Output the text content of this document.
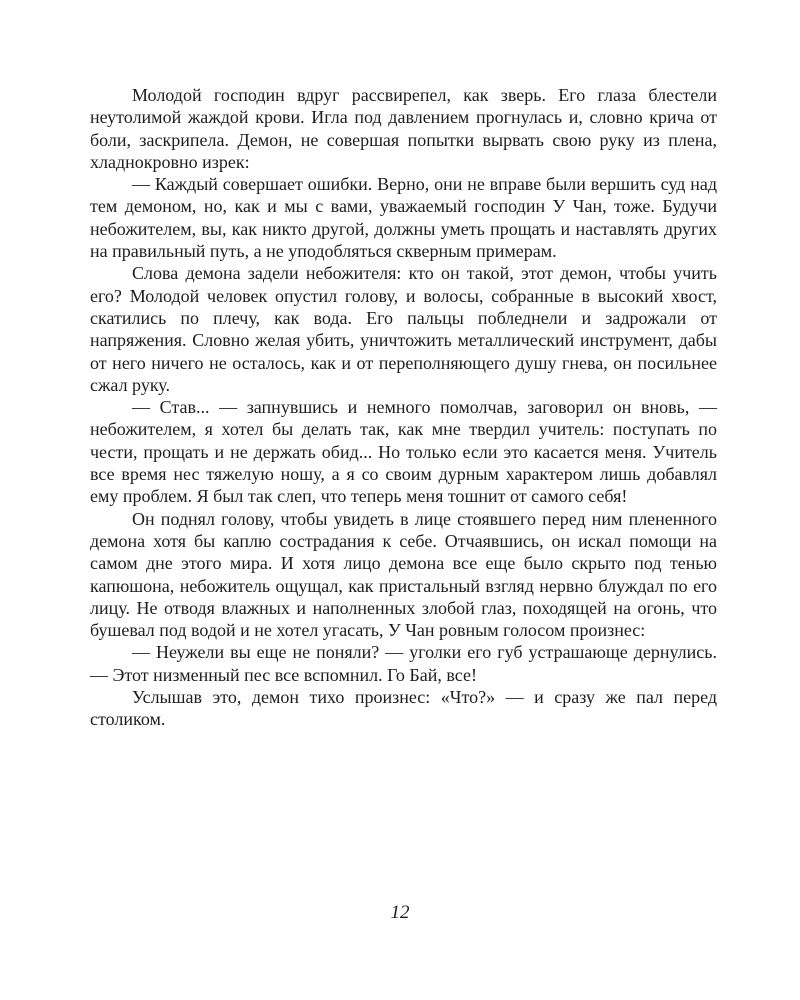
Молодой господин вдруг рассвирепел, как зверь. Его глаза блестели неутолимой жаждой крови. Игла под давлением прогнулась и, словно крича от боли, заскрипела. Демон, не совершая попытки вырвать свою руку из плена, хладнокровно изрек:

— Каждый совершает ошибки. Верно, они не вправе были вершить суд над тем демоном, но, как и мы с вами, уважаемый господин У Чан, тоже. Будучи небожителем, вы, как никто другой, должны уметь прощать и наставлять других на правильный путь, а не уподобляться скверным примерам.

Слова демона задели небожителя: кто он такой, этот демон, чтобы учить его? Молодой человек опустил голову, и волосы, собранные в высокий хвост, скатились по плечу, как вода. Его пальцы побледнели и задрожали от напряжения. Словно желая убить, уничтожить металлический инструмент, дабы от него ничего не осталось, как и от переполняющего душу гнева, он посильнее сжал руку.

— Став... — запнувшись и немного помолчав, заговорил он вновь, — небожителем, я хотел бы делать так, как мне твердил учитель: поступать по чести, прощать и не держать обид... Но только если это касается меня. Учитель все время нес тяжелую ношу, а я со своим дурным характером лишь добавлял ему проблем. Я был так слеп, что теперь меня тошнит от самого себя!

Он поднял голову, чтобы увидеть в лице стоявшего перед ним плененного демона хотя бы каплю сострадания к себе. Отчаявшись, он искал помощи на самом дне этого мира. И хотя лицо демона все еще было скрыто под тенью капюшона, небожитель ощущал, как пристальный взгляд нервно блуждал по его лицу. Не отводя влажных и наполненных злобой глаз, походящей на огонь, что бушевал под водой и не хотел угасать, У Чан ровным голосом произнес:

— Неужели вы еще не поняли? — уголки его губ устрашающе дернулись. — Этот низменный пес все вспомнил. Го Бай, все!

Услышав это, демон тихо произнес: «Что?» — и сразу же пал перед столиком.

12
